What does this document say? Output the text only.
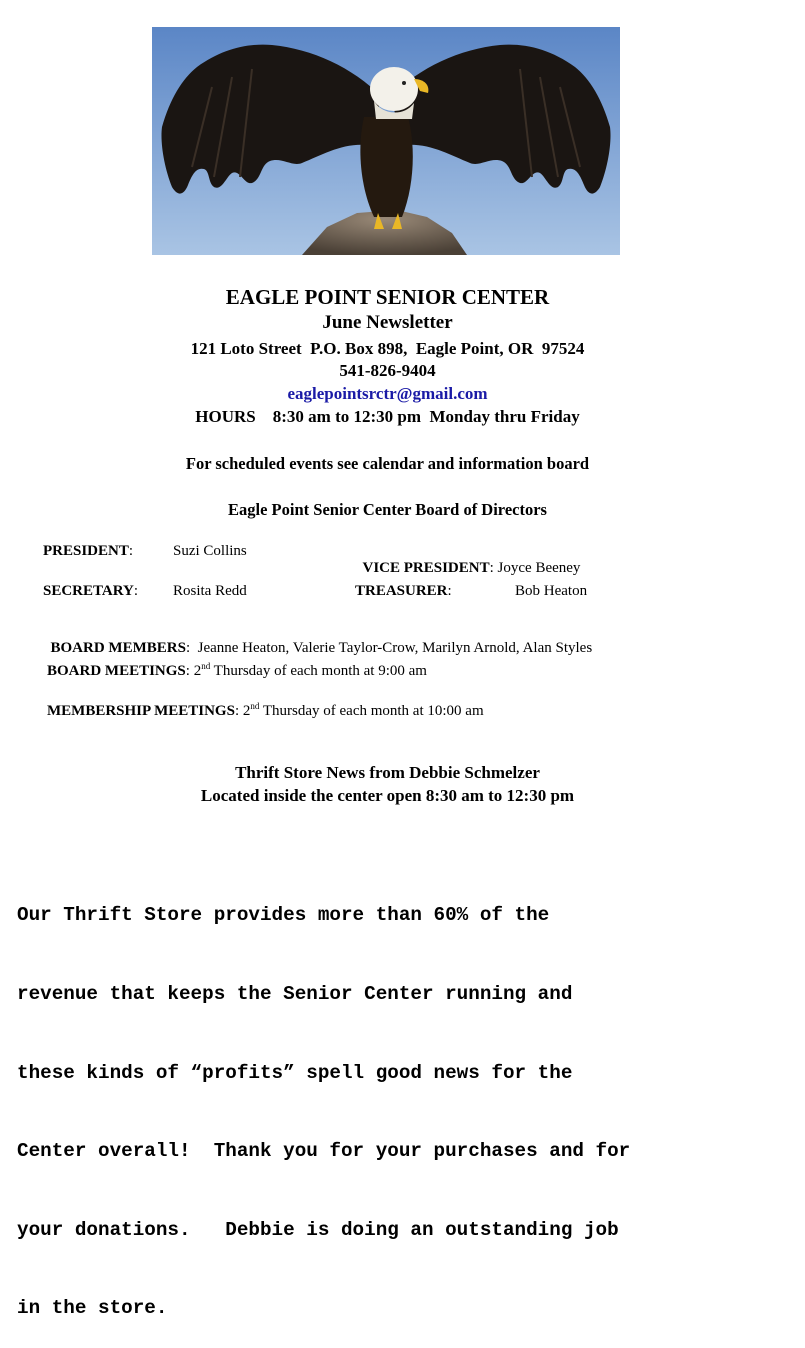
EAGLE POINT SENIOR CENTER
June Newsletter
121 Loto Street  P.O. Box 898,  Eagle Point, OR  97524
541-826-9404
eaglepointsrctr@gmail.com
HOURS    8:30 am to 12:30 pm  Monday thru Friday
For scheduled events see calendar and information board
Eagle Point Senior Center Board of Directors
PRESIDENT:	Suzi Collins

VICE PRESIDENT: Joyce Beeney

SECRETARY: Rosita Redd	TREASURER:	Bob Heaton

BOARD MEMBERS:  Jeanne Heaton, Valerie Taylor-Crow, Marilyn Arnold, Alan Styles

BOARD MEETINGS: 2nd Thursday of each month at 9:00 am
MEMBERSHIP MEETINGS: 2nd Thursday of each month at 10:00 am
Thrift Store News from Debbie Schmelzer
Located inside the center open 8:30 am to 12:30 pm

Our Thrift Store provides more than 60% of the

revenue that keeps the Senior Center running and

these kinds of “profits” spell good news for the

Center overall!  Thank you for your purchases and for

your donations.   Debbie is doing an outstanding job

in the store.
